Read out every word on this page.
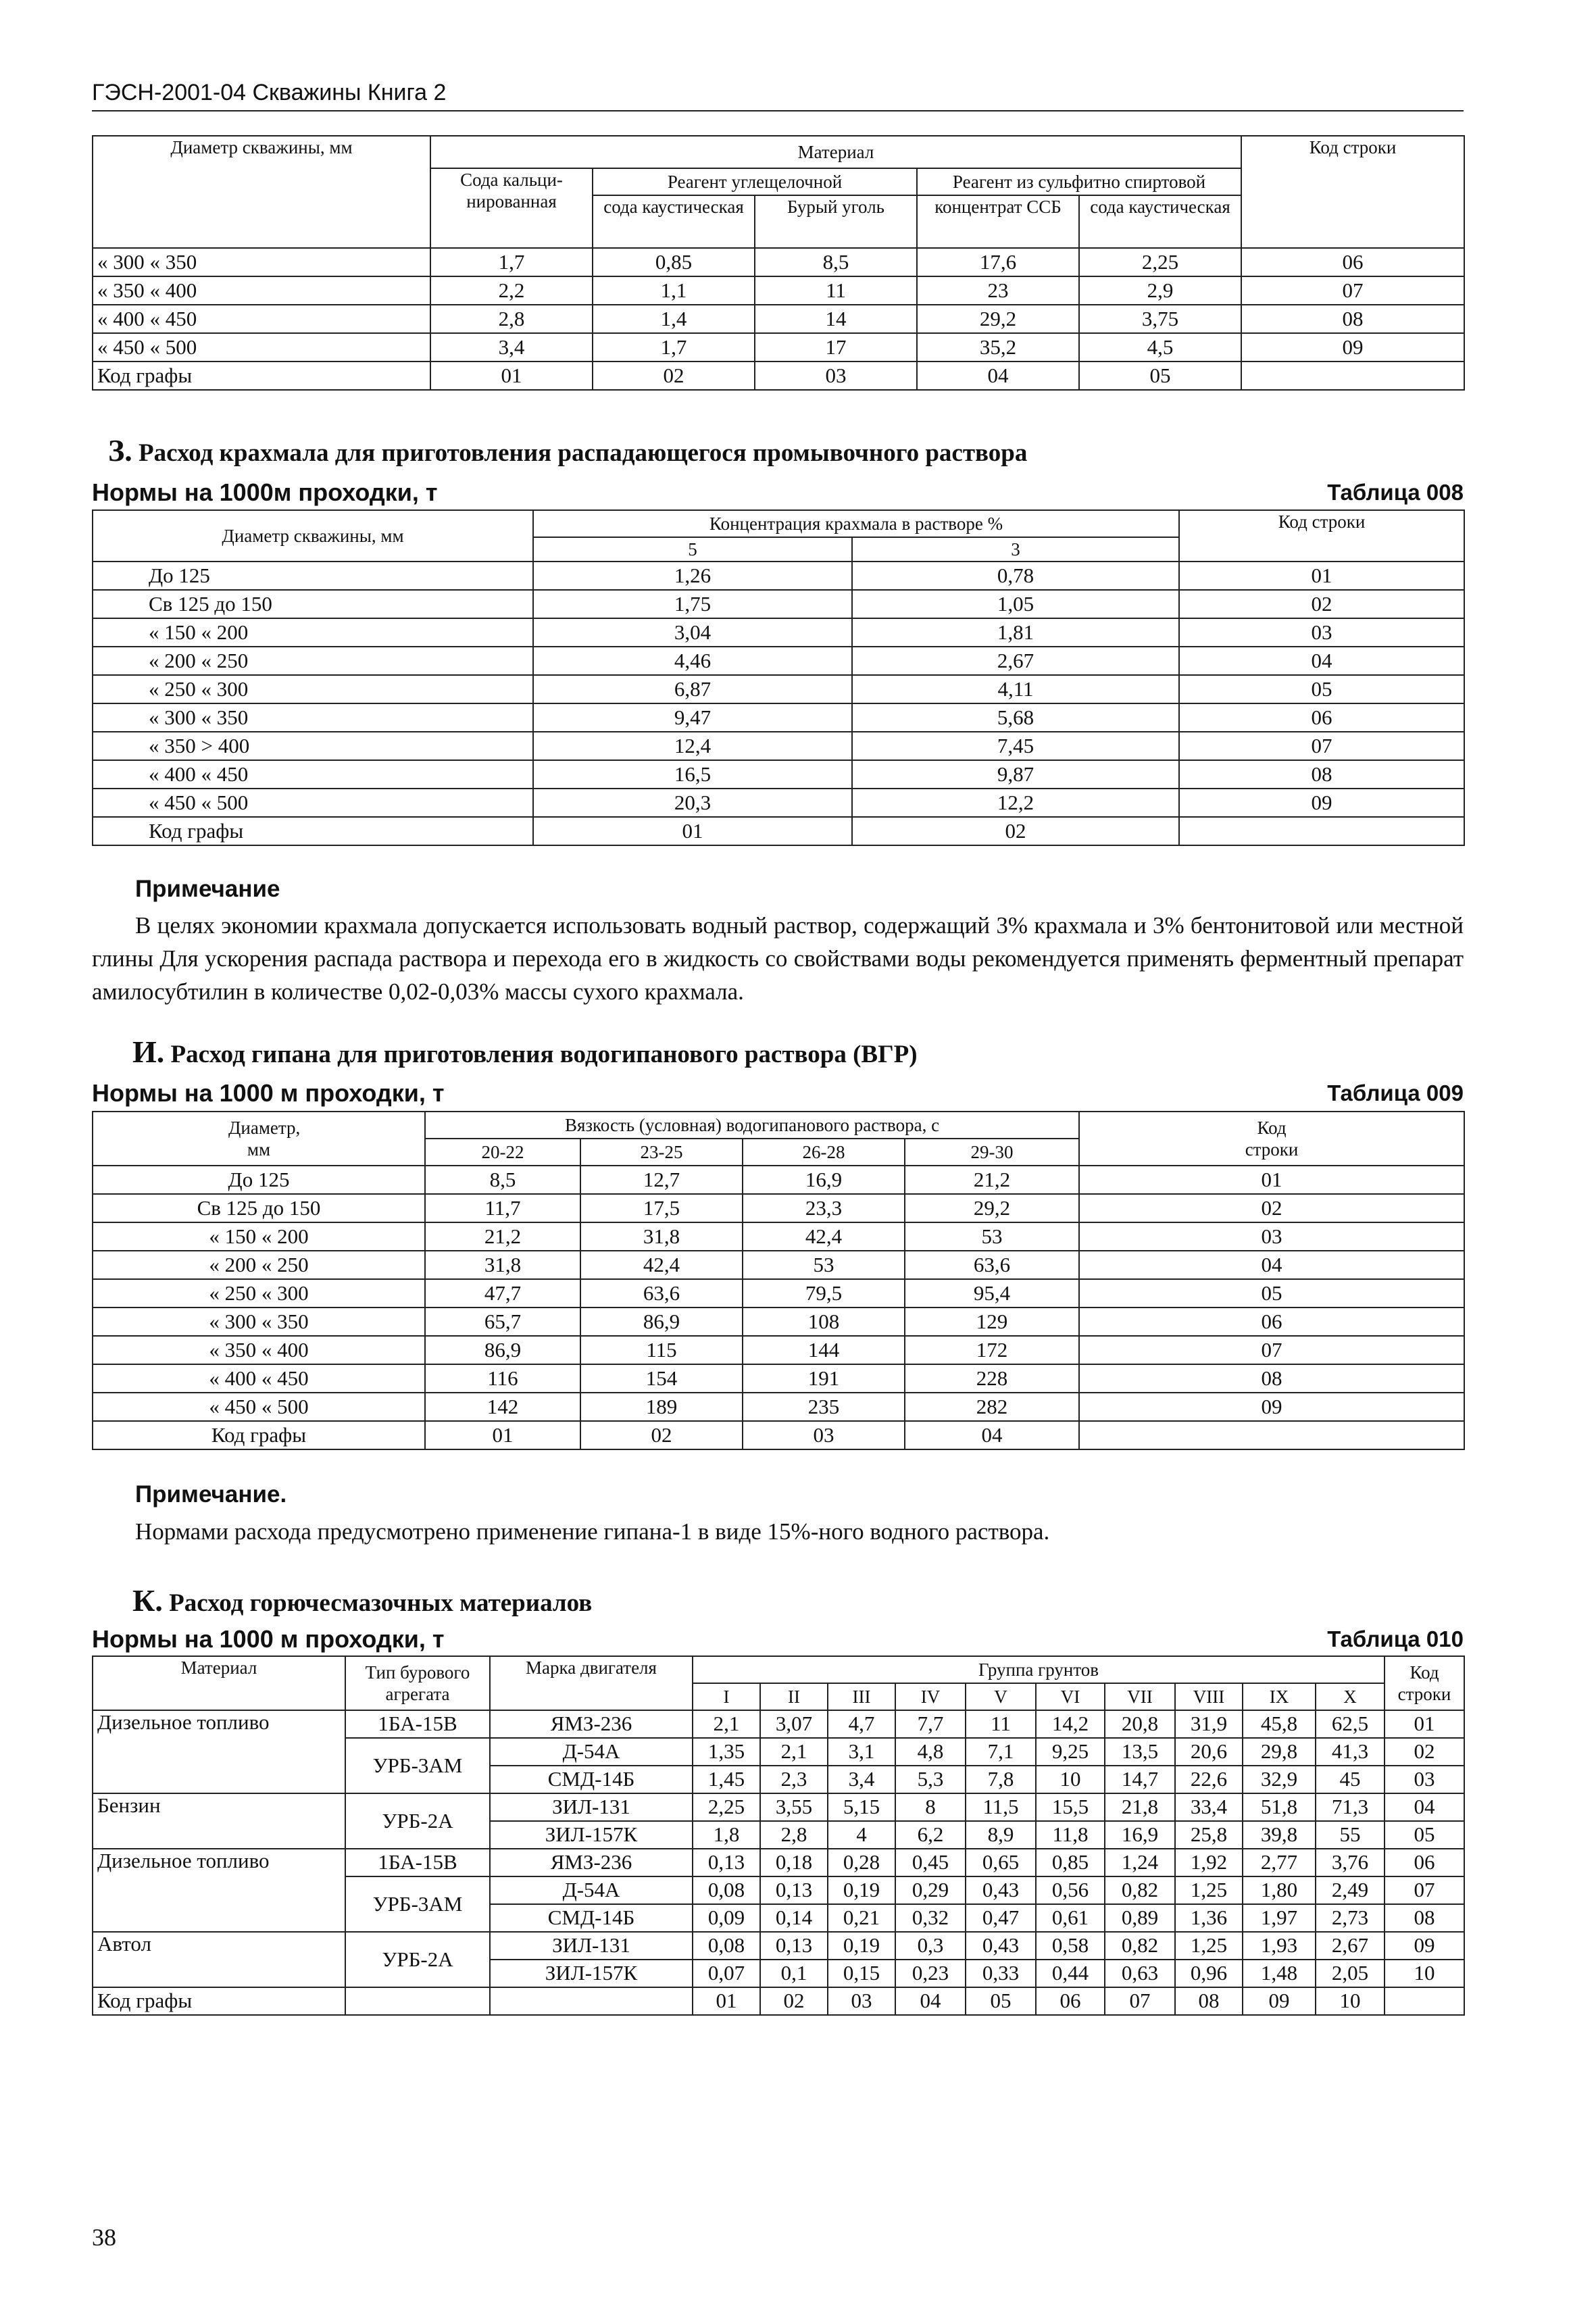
ГЭСН-2001-04 Скважины Книга 2
Диаметр скважины, мм	Материал					Код строки
	Сода кальци-нированная	Реагент углещелочной		Реагент из сульфитно спиртовой		
		сода каустическая	Бурый уголь	концентрат ССБ	сода каустическая	
« 300 « 350	1,7	0,85	8,5	17,6	2,25	06
« 350 « 400	2,2	1,1	11	23	2,9	07
« 400 « 450	2,8	1,4	14	29,2	3,75	08
« 450 « 500	3,4	1,7	17	35,2	4,5	09
Код графы	01	02	03	04	05	
З. Расход крахмала для приготовления распадающегося промывочного раствора
Нормы на 1000м проходки, т	Таблица 008
Диаметр скважины, мм	Концентрация крахмала в растворе %		Код строки
	5	3	
До 125	1,26	0,78	01
Св 125 до 150	1,75	1,05	02
« 150 « 200	3,04	1,81	03
« 200 « 250	4,46	2,67	04
« 250 « 300	6,87	4,11	05
« 300 « 350	9,47	5,68	06
« 350 > 400	12,4	7,45	07
« 400 « 450	16,5	9,87	08
« 450 « 500	20,3	12,2	09
Код графы	01	02	
Примечание
В целях экономии крахмала допускается использовать водный раствор, содержащий 3% крахмала и 3% бентонитовой или местной глины Для ускорения распада раствора и перехода его в жидкость со свойствами воды рекомендуется применять ферментный препарат амилосубтилин в количестве 0,02-0,03% массы сухого крахмала.
И. Расход гипана для приготовления водогипанового раствора (ВГР)
Нормы на 1000 м проходки, т	Таблица 009
Диаметр, мм	Вязкость (условная) водогипанового раствора, с				Код строки
	20-22	23-25	26-28	29-30	
До 125	8,5	12,7	16,9	21,2	01
Св 125 до 150	11,7	17,5	23,3	29,2	02
« 150 « 200	21,2	31,8	42,4	53	03
« 200 « 250	31,8	42,4	53	63,6	04
« 250 « 300	47,7	63,6	79,5	95,4	05
« 300 « 350	65,7	86,9	108	129	06
« 350 « 400	86,9	115	144	172	07
« 400 « 450	116	154	191	228	08
« 450 « 500	142	189	235	282	09
Код графы	01	02	03	04	
Примечание.
Нормами расхода предусмотрено применение гипана-1 в виде 15%-ного водного раствора.
К. Расход горючесмазочных материалов
Нормы на 1000 м проходки, т	Таблица 010
Материал	Тип бурового агрегата	Марка двигателя	Группа грунтов										Код строки
			I	II	III	IV	V	VI	VII	VIII	IX	X	
Дизельное топливо	1БА-15В	ЯМЗ-236	2,1	3,07	4,7	7,7	11	14,2	20,8	31,9	45,8	62,5	01
	УРБ-3АМ	Д-54А	1,35	2,1	3,1	4,8	7,1	9,25	13,5	20,6	29,8	41,3	02
		СМД-14Б	1,45	2,3	3,4	5,3	7,8	10	14,7	22,6	32,9	45	03
Бензин	УРБ-2А	ЗИЛ-131	2,25	3,55	5,15	8	11,5	15,5	21,8	33,4	51,8	71,3	04
		ЗИЛ-157К	1,8	2,8	4	6,2	8,9	11,8	16,9	25,8	39,8	55	05
Дизельное топливо	1БА-15В	ЯМЗ-236	0,13	0,18	0,28	0,45	0,65	0,85	1,24	1,92	2,77	3,76	06
	УРБ-3АМ	Д-54А	0,08	0,13	0,19	0,29	0,43	0,56	0,82	1,25	1,80	2,49	07
		СМД-14Б	0,09	0,14	0,21	0,32	0,47	0,61	0,89	1,36	1,97	2,73	08
Автол	УРБ-2А	ЗИЛ-131	0,08	0,13	0,19	0,3	0,43	0,58	0,82	1,25	1,93	2,67	09
		ЗИЛ-157К	0,07	0,1	0,15	0,23	0,33	0,44	0,63	0,96	1,48	2,05	10
Код графы			01	02	03	04	05	06	07	08	09	10	
38
